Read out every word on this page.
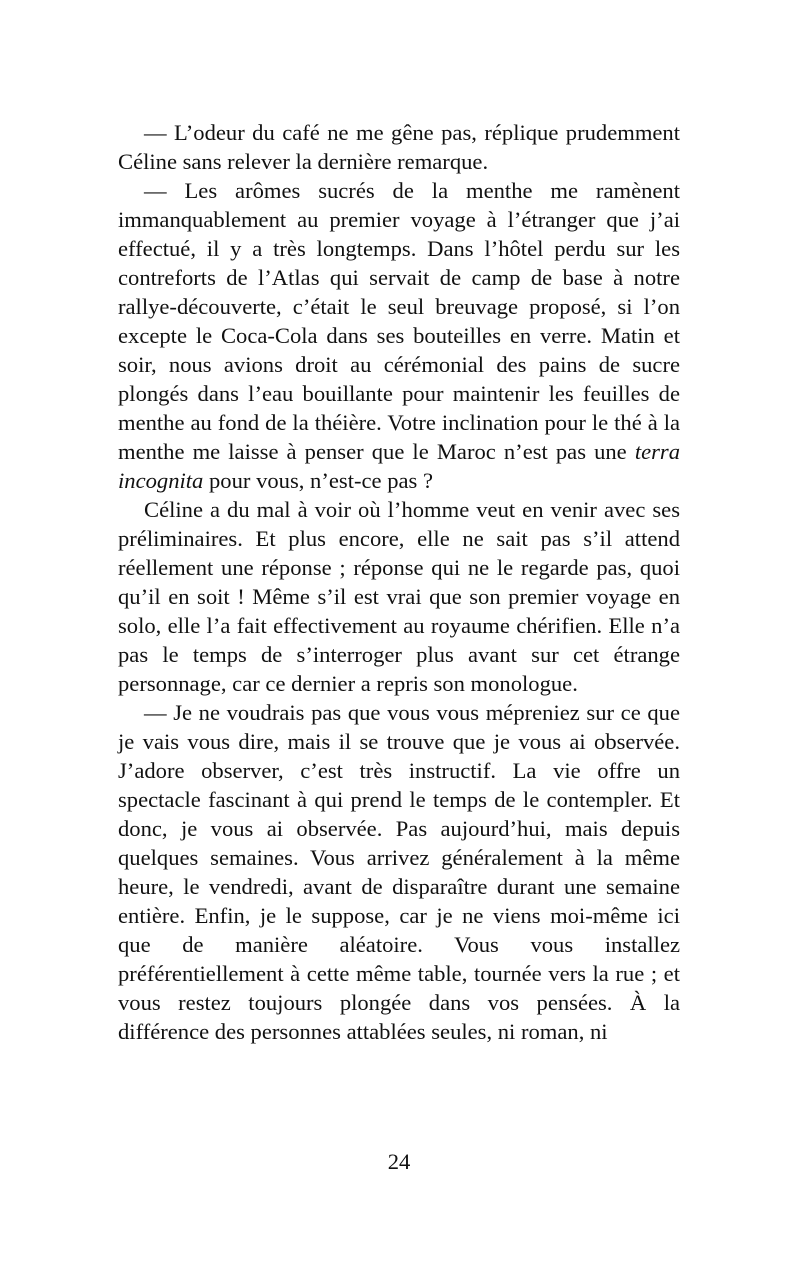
— L’odeur du café ne me gêne pas, réplique prudemment Céline sans relever la dernière remarque.

— Les arômes sucrés de la menthe me ramènent immanquablement au premier voyage à l’étranger que j’ai effectué, il y a très longtemps. Dans l’hôtel perdu sur les contreforts de l’Atlas qui servait de camp de base à notre rallye-découverte, c’était le seul breuvage proposé, si l’on excepte le Coca-Cola dans ses bouteilles en verre. Matin et soir, nous avions droit au cérémonial des pains de sucre plongés dans l’eau bouillante pour maintenir les feuilles de menthe au fond de la théière. Votre inclination pour le thé à la menthe me laisse à penser que le Maroc n’est pas une terra incognita pour vous, n’est-ce pas ?

Céline a du mal à voir où l’homme veut en venir avec ses préliminaires. Et plus encore, elle ne sait pas s’il attend réellement une réponse ; réponse qui ne le regarde pas, quoi qu’il en soit ! Même s’il est vrai que son premier voyage en solo, elle l’a fait effectivement au royaume chérifien. Elle n’a pas le temps de s’interroger plus avant sur cet étrange personnage, car ce dernier a repris son monologue.

— Je ne voudrais pas que vous vous mépreniez sur ce que je vais vous dire, mais il se trouve que je vous ai observée. J’adore observer, c’est très instructif. La vie offre un spectacle fascinant à qui prend le temps de le contempler. Et donc, je vous ai observée. Pas aujourd’hui, mais depuis quelques semaines. Vous arrivez généralement à la même heure, le vendredi, avant de disparaître durant une semaine entière. Enfin, je le suppose, car je ne viens moi-même ici que de manière aléatoire. Vous vous installez préférentiellement à cette même table, tournée vers la rue ; et vous restez toujours plongée dans vos pensées. À la différence des personnes attablées seules, ni roman, ni

24
